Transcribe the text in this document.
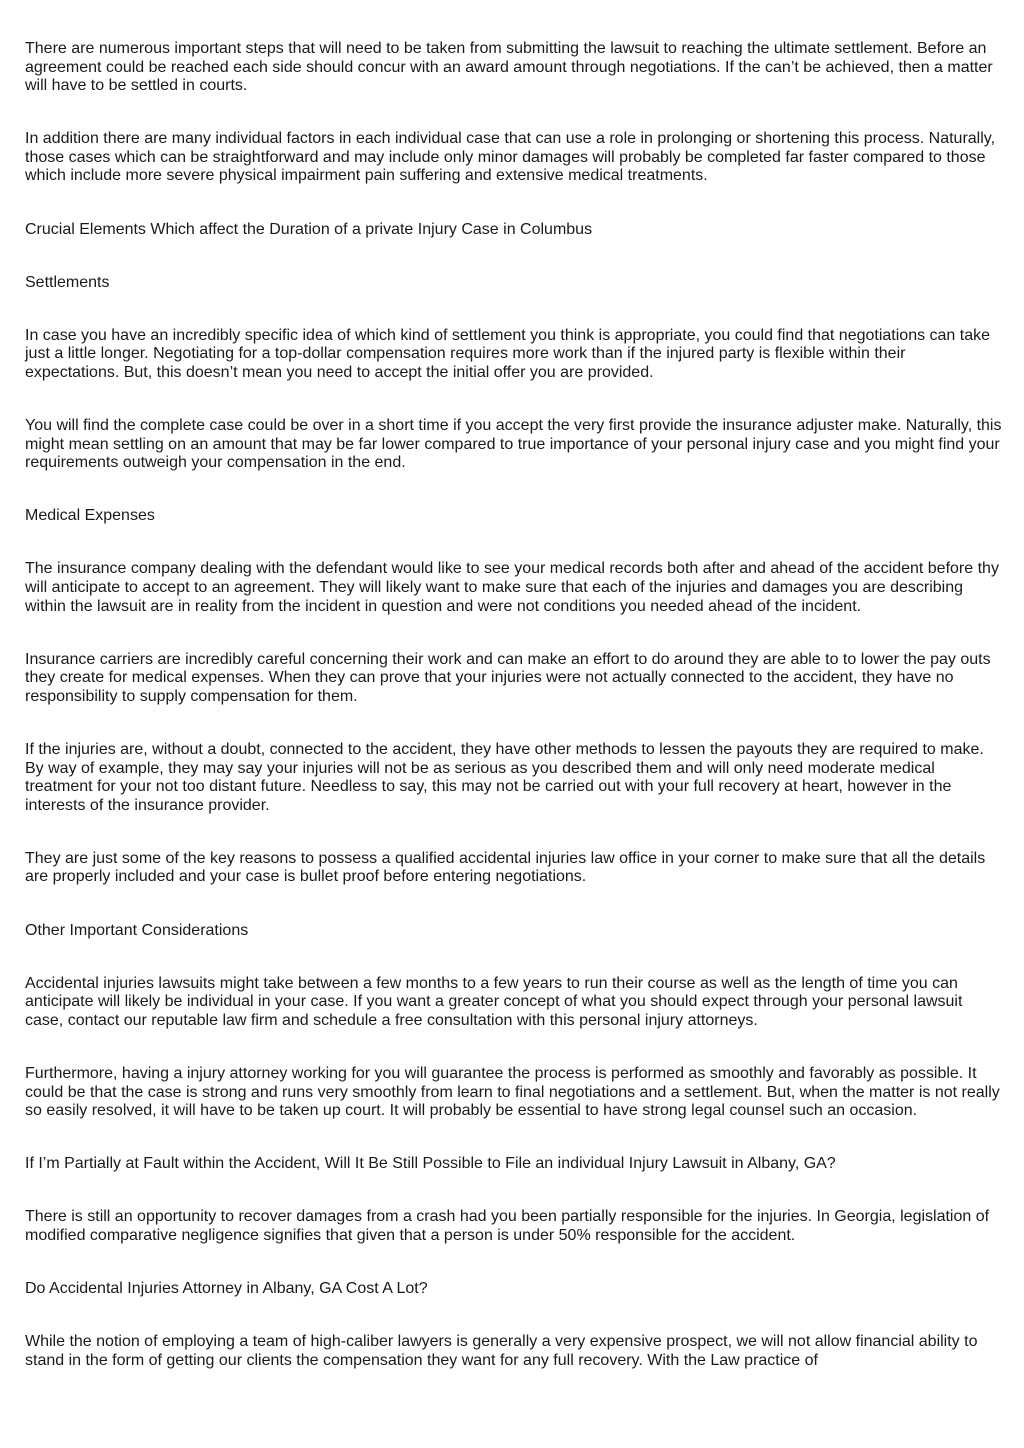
There are numerous important steps that will need to be taken from submitting the lawsuit to reaching the ultimate settlement. Before an agreement could be reached each side should concur with an award amount through negotiations. If the can’t be achieved, then a matter will have to be settled in courts.

In addition there are many individual factors in each individual case that can use a role in prolonging or shortening this process. Naturally, those cases which can be straightforward and may include only minor damages will probably be completed far faster compared to those which include more severe physical impairment pain suffering and extensive medical treatments.

Crucial Elements Which affect the Duration of a private Injury Case in Columbus

Settlements

In case you have an incredibly specific idea of which kind of settlement you think is appropriate, you could find that negotiations can take just a little longer. Negotiating for a top-dollar compensation requires more work than if the injured party is flexible within their expectations. But, this doesn’t mean you need to accept the initial offer you are provided.

You will find the complete case could be over in a short time if you accept the very first provide the insurance adjuster make. Naturally, this might mean settling on an amount that may be far lower compared to true importance of your personal injury case and you might find your requirements outweigh your compensation in the end.

Medical Expenses

The insurance company dealing with the defendant would like to see your medical records both after and ahead of the accident before thy will anticipate to accept to an agreement. They will likely want to make sure that each of the injuries and damages you are describing within the lawsuit are in reality from the incident in question and were not conditions you needed ahead of the incident.

Insurance carriers are incredibly careful concerning their work and can make an effort to do around they are able to to lower the pay outs they create for medical expenses. When they can prove that your injuries were not actually connected to the accident, they have no responsibility to supply compensation for them.

If the injuries are, without a doubt, connected to the accident, they have other methods to lessen the payouts they are required to make. By way of example, they may say your injuries will not be as serious as you described them and will only need moderate medical treatment for your not too distant future. Needless to say, this may not be carried out with your full recovery at heart, however in the interests of the insurance provider.

They are just some of the key reasons to possess a qualified accidental injuries law office in your corner to make sure that all the details are properly included and your case is bullet proof before entering negotiations.

Other Important Considerations

Accidental injuries lawsuits might take between a few months to a few years to run their course as well as the length of time you can anticipate will likely be individual in your case. If you want a greater concept of what you should expect through your personal lawsuit case, contact our reputable law firm and schedule a free consultation with this personal injury attorneys.

Furthermore, having a injury attorney working for you will guarantee the process is performed as smoothly and favorably as possible. It could be that the case is strong and runs very smoothly from learn to final negotiations and a settlement. But, when the matter is not really so easily resolved, it will have to be taken up court. It will probably be essential to have strong legal counsel such an occasion.

If I’m Partially at Fault within the Accident, Will It Be Still Possible to File an individual Injury Lawsuit in Albany, GA?

There is still an opportunity to recover damages from a crash had you been partially responsible for the injuries. In Georgia, legislation of modified comparative negligence signifies that given that a person is under 50% responsible for the accident.

Do Accidental Injuries Attorney in Albany, GA Cost A Lot?

While the notion of employing a team of high-caliber lawyers is generally a very expensive prospect, we will not allow financial ability to stand in the form of getting our clients the compensation they want for any full recovery. With the Law practice of
